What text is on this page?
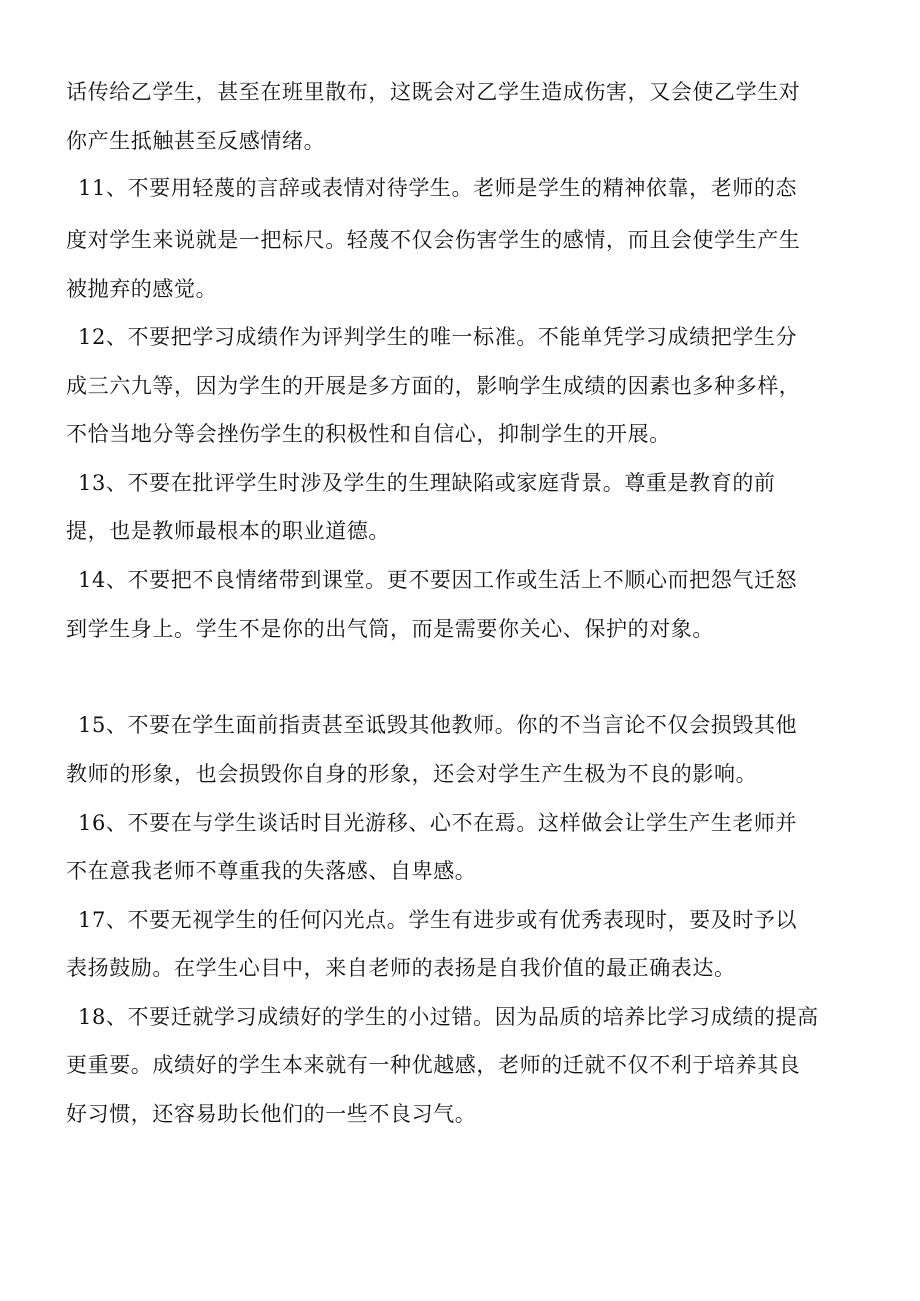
话传给乙学生，甚至在班里散布，这既会对乙学生造成伤害，又会使乙学生对
你产生抵触甚至反感情绪。
11、不要用轻蔑的言辞或表情对待学生。老师是学生的精神依靠，老师的态
度对学生来说就是一把标尺。轻蔑不仅会伤害学生的感情，而且会使学生产生
被抛弃的感觉。
12、不要把学习成绩作为评判学生的唯一标准。不能单凭学习成绩把学生分
成三六九等，因为学生的开展是多方面的，影响学生成绩的因素也多种多样，
不恰当地分等会挫伤学生的积极性和自信心，抑制学生的开展。
13、不要在批评学生时涉及学生的生理缺陷或家庭背景。尊重是教育的前
提，也是教师最根本的职业道德。
14、不要把不良情绪带到课堂。更不要因工作或生活上不顺心而把怨气迁怒
到学生身上。学生不是你的出气筒，而是需要你关心、保护的对象。
15、不要在学生面前指责甚至诋毁其他教师。你的不当言论不仅会损毁其他
教师的形象，也会损毁你自身的形象，还会对学生产生极为不良的影响。
16、不要在与学生谈话时目光游移、心不在焉。这样做会让学生产生老师并
不在意我老师不尊重我的失落感、自卑感。
17、不要无视学生的任何闪光点。学生有进步或有优秀表现时，要及时予以
表扬鼓励。在学生心目中，来自老师的表扬是自我价值的最正确表达。
18、不要迁就学习成绩好的学生的小过错。因为品质的培养比学习成绩的提高
更重要。成绩好的学生本来就有一种优越感，老师的迁就不仅不利于培养其良
好习惯，还容易助长他们的一些不良习气。
